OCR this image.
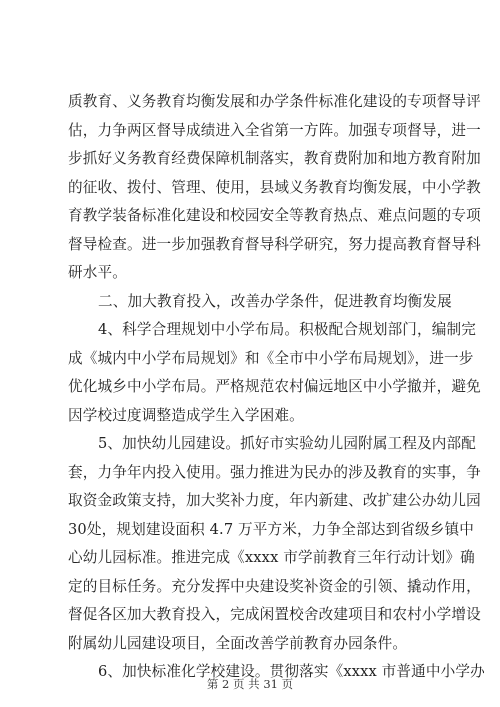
质教育、义务教育均衡发展和办学条件标准化建设的专项督导评
估，力争两区督导成绩进入全省第一方阵。加强专项督导，进一
步抓好义务教育经费保障机制落实，教育费附加和地方教育附加
的征收、拨付、管理、使用，县域义务教育均衡发展，中小学教
育教学装备标准化建设和校园安全等教育热点、难点问题的专项
督导检查。进一步加强教育督导科学研究，努力提高教育督导科
研水平。
二、加大教育投入，改善办学条件，促进教育均衡发展
4、科学合理规划中小学布局。积极配合规划部门，编制完
成《城内中小学布局规划》和《全市中小学布局规划》，进一步
优化城乡中小学布局。严格规范农村偏远地区中小学撤并，避免
因学校过度调整造成学生入学困难。
5、加快幼儿园建设。抓好市实验幼儿园附属工程及内部配
套，力争年内投入使用。强力推进为民办的涉及教育的实事，争
取资金政策支持，加大奖补力度，年内新建、改扩建公办幼儿园
30处，规划建设面积 4.7 万平方米，力争全部达到省级乡镇中
心幼儿园标准。推进完成《xxxx 市学前教育三年行动计划》确
定的目标任务。充分发挥中央建设奖补资金的引领、撬动作用，
督促各区加大教育投入，完成闲置校舍改建项目和农村小学增设
附属幼儿园建设项目，全面改善学前教育办园条件。
6、加快标准化学校建设。贯彻落实《xxxx 市普通中小学办
第 2 页 共 31 页
